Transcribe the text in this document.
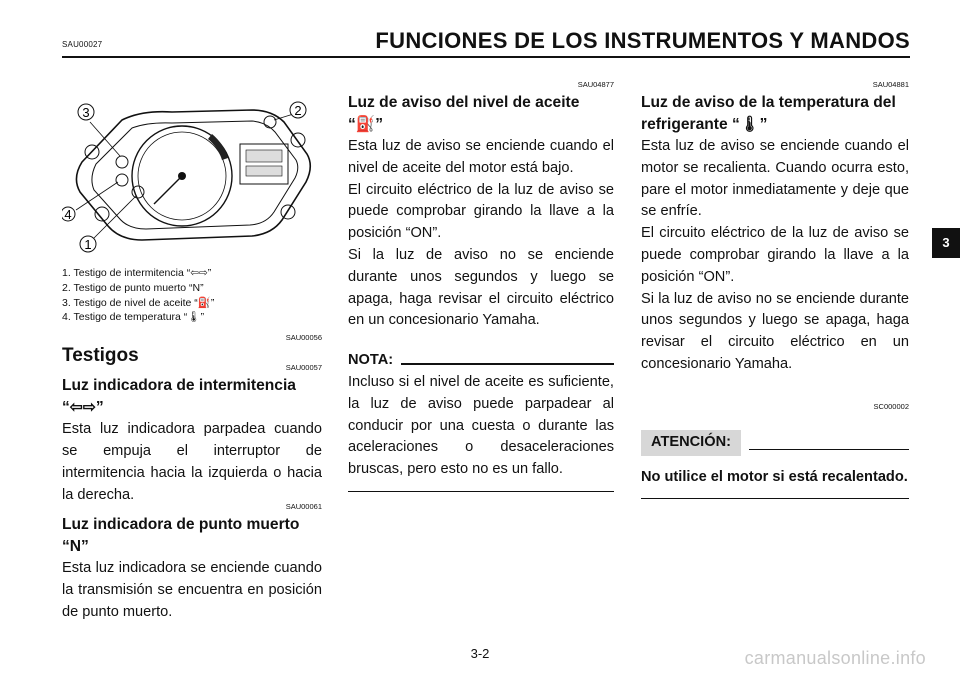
SAU00027	FUNCIONES DE LOS INSTRUMENTOS Y MANDOS
3	2
4
1
1. Testigo de intermitencia “⇦⇨”
2. Testigo de punto muerto “N”
3. Testigo de nivel de aceite “⛽”
4. Testigo de temperatura “🌡”
SAU00056
Testigos
SAU00057

Luz indicadora de intermitencia “⇦⇨”

Esta luz indicadora parpadea cuando se empuja el interruptor de intermitencia hacia la izquierda o hacia la derecha.

SAU00061

Luz indicadora de punto muerto “N”

Esta luz indicadora se enciende cuando la transmisión se encuentra en posición de punto muerto.

SAU04877

Luz de aviso del nivel de aceite “⛽”

Esta luz de aviso se enciende cuando el nivel de aceite del motor está bajo.

El circuito eléctrico de la luz de aviso se puede comprobar girando la llave a la posición “ON”.

Si la luz de aviso no se enciende durante unos segundos y luego se apaga, haga revisar el circuito eléctrico en un concesionario Yamaha.

NOTA:

Incluso si el nivel de aceite es suficiente, la luz de aviso puede parpadear al conducir por una cuesta o durante las aceleraciones o desaceleraciones bruscas, pero esto no es un fallo.

SAU04881

Luz de aviso de la temperatura del refrigerante “🌡”

Esta luz de aviso se enciende cuando el motor se recalienta. Cuando ocurra esto, pare el motor inmediatamente y deje que se enfríe.

El circuito eléctrico de la luz de aviso se puede comprobar girando la llave a la posición “ON”.

Si la luz de aviso no se enciende durante unos segundos y luego se apaga, haga revisar el circuito eléctrico en un concesionario Yamaha.

SC000002
ATENCIÓN:

No utilice el motor si está recalentado.

3
3-2	carmanualsonline.info
